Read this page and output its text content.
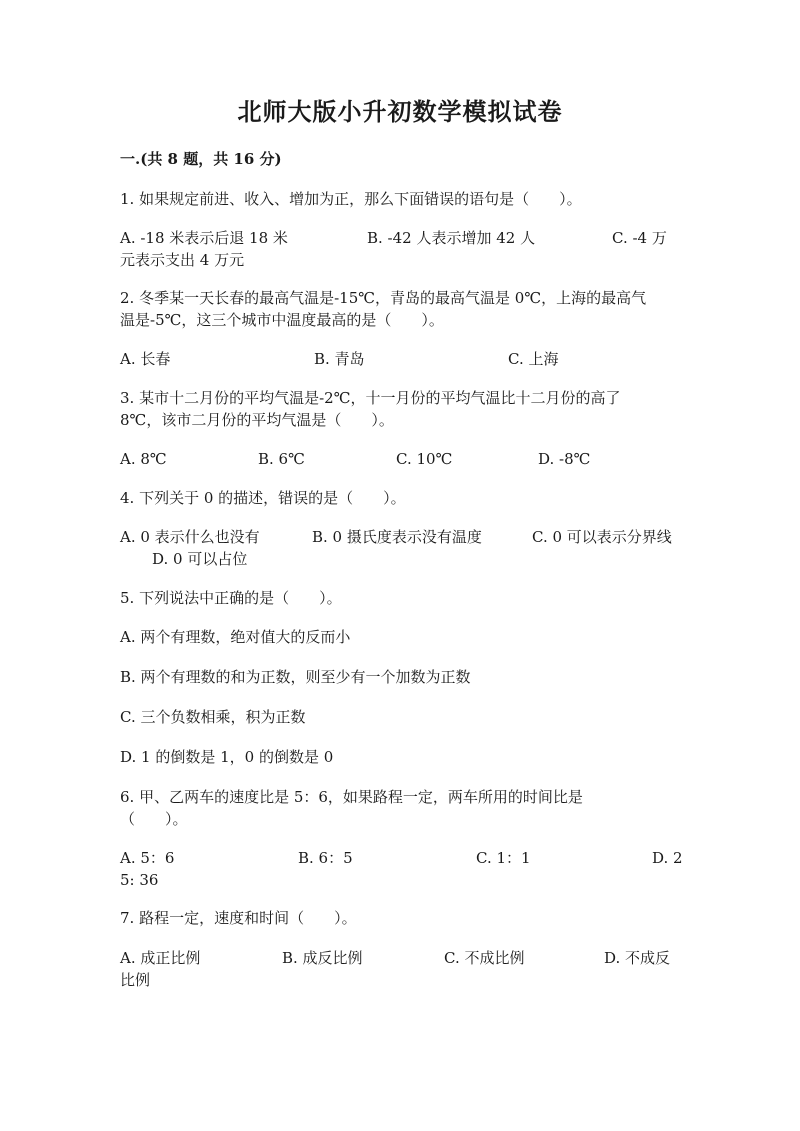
北师大版小升初数学模拟试卷
一.(共 8 题，共 16 分)
1. 如果规定前进、收入、增加为正，那么下面错误的语句是（　　）。
A. -18 米表示后退 18 米	B. -42 人表示增加 42 人	C. -4 万
元表示支出 4 万元
2. 冬季某一天长春的最高气温是-15℃，青岛的最高气温是 0℃，上海的最高气
温是-5℃，这三个城市中温度最高的是（　　）。
A. 长春	B. 青岛	C. 上海
3. 某市十二月份的平均气温是-2℃，十一月份的平均气温比十二月份的高了
8℃，该市二月份的平均气温是（　　）。
A. 8℃	B. 6℃	C. 10℃	D. -8℃
4. 下列关于 0 的描述，错误的是（　　）。
A. 0 表示什么也没有	B. 0 摄氏度表示没有温度	C. 0 可以表示分界线
D. 0 可以占位
5. 下列说法中正确的是（　　）。
A. 两个有理数，绝对值大的反而小
B. 两个有理数的和为正数，则至少有一个加数为正数
C. 三个负数相乘，积为正数
D. 1 的倒数是 1，0 的倒数是 0
6. 甲、乙两车的速度比是 5：6，如果路程一定，两车所用的时间比是
（　　）。
A. 5：6	B. 6：5	C. 1：1	D. 2
5: 36
7. 路程一定，速度和时间（　　）。
A. 成正比例	B. 成反比例	C. 不成比例	D. 不成反
比例
